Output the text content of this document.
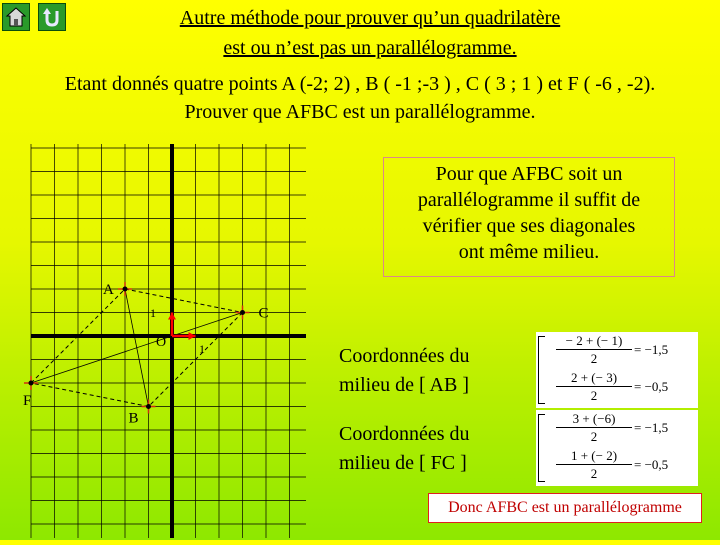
Autre méthode pour prouver qu’un quadrilatère
est ou n’est pas un parallélogramme.
Etant donnés quatre points A (-2; 2) , B ( -1 ;-3 ) , C ( 3 ; 1 ) et F ( -6 , -2).
Prouver que AFBC est un parallélogramme.
A
B
C
F
O	1
1
Pour que AFBC soit un
parallélogramme il suffit de
vérifier que ses diagonales
ont même milieu.
Coordonnées du
milieu de [ AB ]
− 2 + (− 1)
2
= −1,5
2 + (− 3)
2
= −0,5
Coordonnées du
milieu de [ FC ]
3 + (−6)
2
= −1,5
1 + (− 2)
2
= −0,5
Donc AFBC est un parallélogramme
